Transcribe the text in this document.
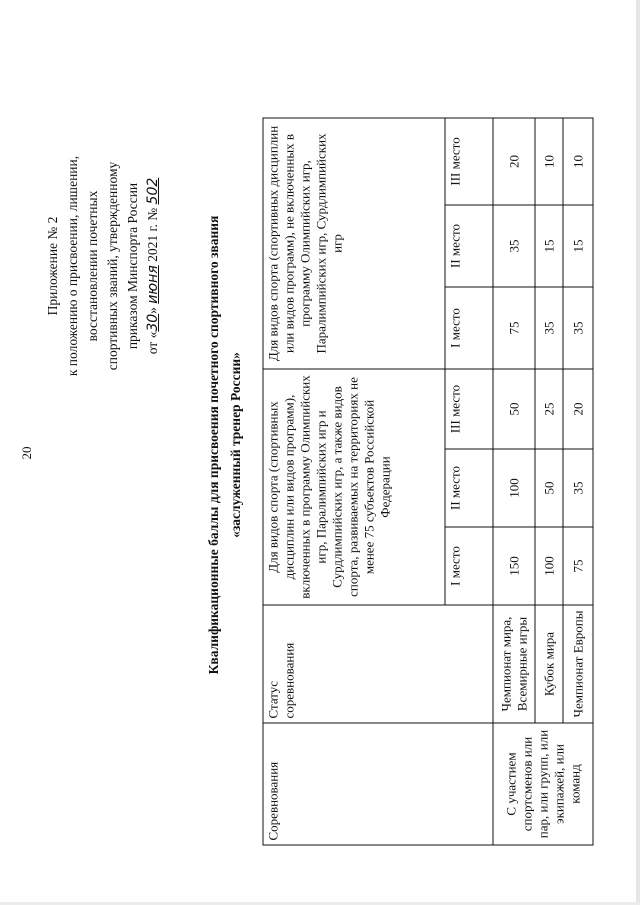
20
Приложение № 2 к положению о присвоении, лишении, восстановлении почетных спортивных званий, утвержденному приказом Минспорта России от «30» июня 2021 г. № 502
Квалификационные баллы для присвоения почетного спортивного звания «заслуженный тренер России»
Соревнования	Статус соревнования	Для видов спорта (спортивных дисциплин или видов программ), включенных в программу Олимпийских игр, Паралимпийских игр и Сурдлимпийских игр, а также видов спорта, развиваемых на территориях не менее 75 субъектов Российской Федерации			Для видов спорта (спортивных дисциплин или видов программ), не включенных в программу Олимпийских игр, Паралимпийских игр, Сурдлимпийских игр		
		I место	II место	III место	I место	II место	III место
С участием спортсменов или пар, или групп, или экипажей, или команд	Чемпионат мира, Всемирные игры	150	100	50	75	35	20
	Кубок мира	100	50	25	35	15	10
	Чемпионат Европы	75	35	20	35	15	10
